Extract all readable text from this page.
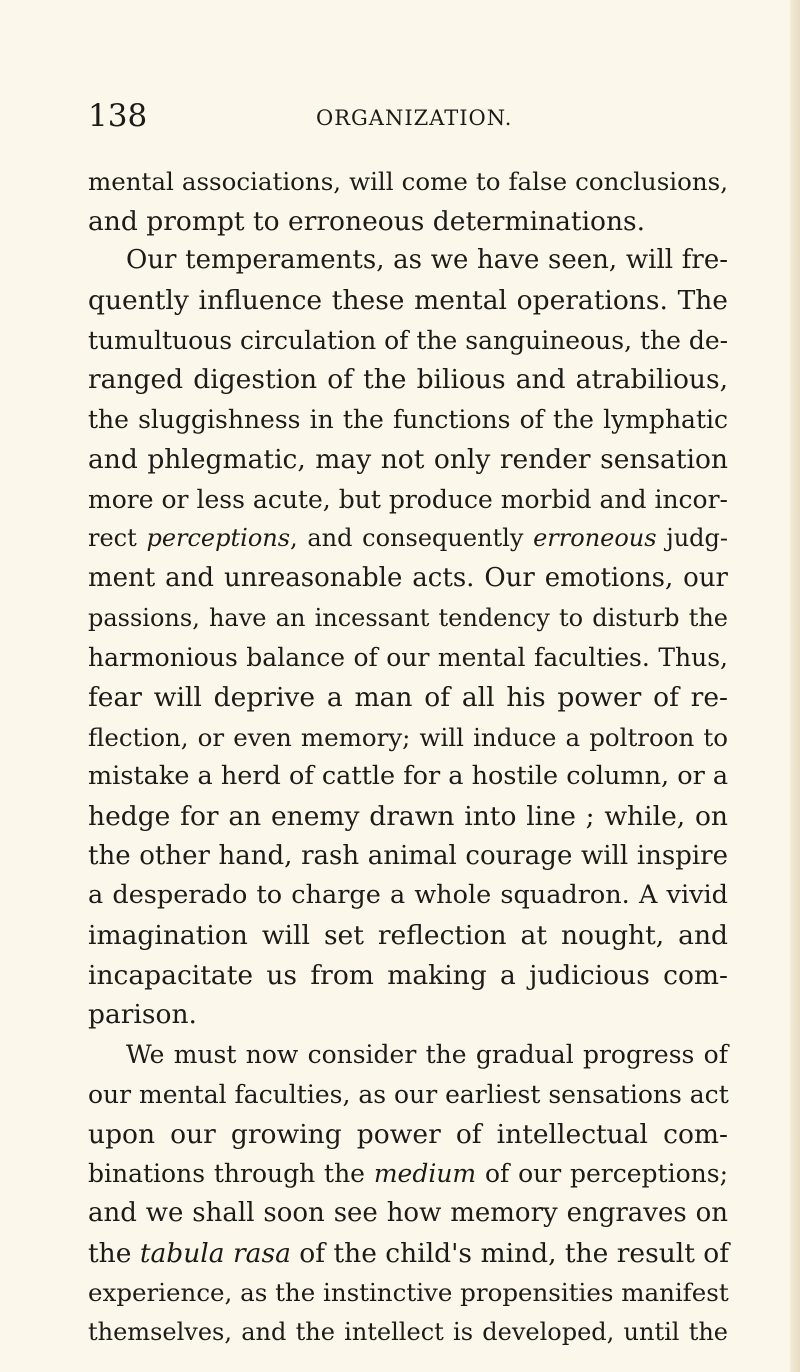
138	ORGANIZATION.
mental associations, will come to false conclusions,
and prompt to erroneous determinations.
Our temperaments, as we have seen, will fre-
quently influence these mental operations. The
tumultuous circulation of the sanguineous, the de-
ranged digestion of the bilious and atrabilious,
the sluggishness in the functions of the lymphatic
and phlegmatic, may not only render sensation
more or less acute, but produce morbid and incor-
rect perceptions, and consequently erroneous judg-
ment and unreasonable acts. Our emotions, our
passions, have an incessant tendency to disturb the
harmonious balance of our mental faculties. Thus,
fear will deprive a man of all his power of re-
flection, or even memory; will induce a poltroon to
mistake a herd of cattle for a hostile column, or a
hedge for an enemy drawn into line ; while, on
the other hand, rash animal courage will inspire
a desperado to charge a whole squadron. A vivid
imagination will set reflection at nought, and
incapacitate us from making a judicious com-
parison.
We must now consider the gradual progress of
our mental faculties, as our earliest sensations act
upon our growing power of intellectual com-
binations through the medium of our perceptions;
and we shall soon see how memory engraves on
the tabula rasa of the child's mind, the result of
experience, as the instinctive propensities manifest
themselves, and the intellect is developed, until the
